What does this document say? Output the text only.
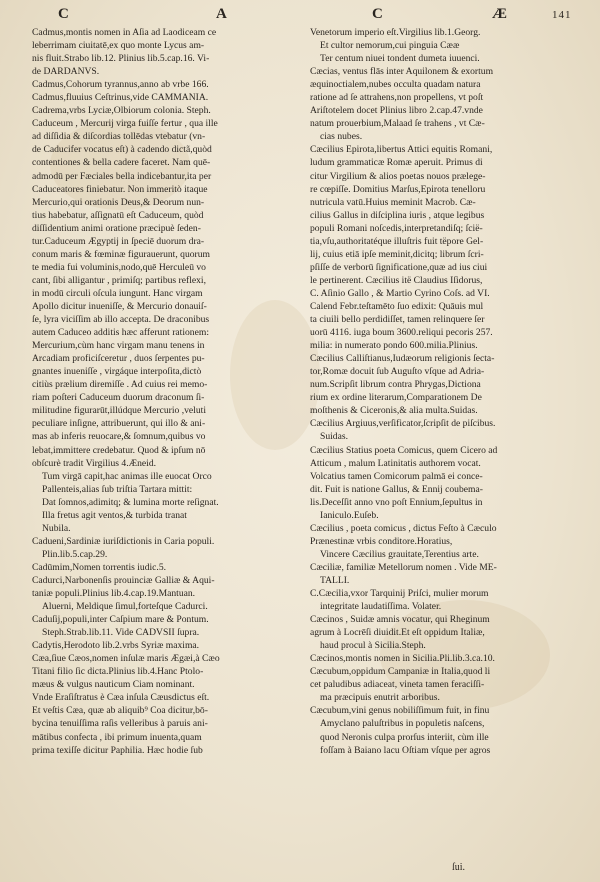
C	A	C	Æ	141
Cadmus,montis nomen in Aſia ad Laodiceam ce
leberrimam ciuitatē,ex quo monte Lycus am-
nis fluit.Strabo lib.12. Plinius lib.5.cap.16. Vi-
de DARDANVS.
Cadmus,Cohorum tyrannus,anno ab vrbe 166.
Cadmus,fluuius Ceſtrinus,vide CAMMANIA.
Cadrema,vrbs Lyciæ,Olbiorum colonia. Steph.
Caduceum , Mercurij virga fuiſſe fertur , qua ille
ad diſſidia & diſcordias tollēdas vtebatur (vn-
de Caducifer vocatus eſt) à cadendo dictã,quòd
contentiones & bella cadere faceret. Nam quē-
admodū per Fæciales bella indicebantur,ita per
Caduceatores finiebatur. Non immeritò itaque
Mercurio,qui orationis Deus,& Deorum nun-
tius habebatur, aſſignatū eſt Caduceum, quòd
diſſidentium animi oratione præcipuè ſeden-
tur.Caduceum Ægyptij in ſpeciē duorum dra-
conum maris & fœminæ figurauerunt, quorum
te media fui voluminis,nodo,quē Herculeū vo
cant, ſibi alligantur , primiſq; partibus reflexi,
in modū circuli oſcula iungunt. Hanc virgam
Apollo dicitur inueniſſe, & Mercurio donauiſ-
ſe, lyra viciſſim ab illo accepta. De draconibus
autem Caduceo additis hæc afferunt rationem:
Mercurium,cùm hanc virgam manu tenens in
Arcadiam proficiſceretur , duos ſerpentes pu-
gnantes inueniſſe , virgáque interpoſita,dictò
citiùs prælium diremiſſe . Ad cuius rei memo-
riam poſteri Caduceum duorum draconum ſi-
militudine figurarūt,illúdque Mercurio ,veluti
peculiare inſigne, attribuerunt, qui illo & ani-
mas ab inferis reuocare,& ſomnum,quibus vo
lebat,immittere credebatur. Quod & ipſum nō
obſcurè tradit Virgilius 4.Æneid.
Tum virgā capit,hac animas ille euocat Orco
Pallenteis,alias ſub triſtia Tartara mittit:
Dat ſomnos,adimitq; & lumina morte reſignat.
Illa fretus agit ventos,& turbida tranat
Nubila.
Cadueni,Sardiniæ iuriſdictionis in Caria populi.
Plin.lib.5.cap.29.
Cadūmim,Nomen torrentis iudic.5.
Cadurci,Narbonenſis prouinciæ Galliæ & Aqui-
taniæ populi.Plinius lib.4.cap.19.Mantuan.
Aluerni, Meldique ſimul,forteſque Cadurci.
Caduſij,populi,inter Caſpium mare & Pontum.
Steph.Strab.lib.11. Vide CADVSII ſupra.
Cadytis,Herodoto lib.2.vrbs Syriæ maxima.
Cæa,ſiue Cæos,nomen inſulæ maris Ægæi,à Cæo
Titani filio ſic dicta.Plinius lib.4.Hanc Ptolo-
mæus & vulgus nauticum Ciam nominant.
Vnde Eraſiſtratus è Cæa inſula Cæusdictus eſt.
Et veſtis Cæa, quæ ab aliquib⁹ Coa dicitur,bō-
bycina tenuiſſima raſis velleribus à paruis ani-
mātibus confecta , ibi primum inuenta,quam
prima texiſſe dicitur Paphilia. Hæc hodie ſub
Venetorum imperio eſt.Virgilius lib.1.Georg.
Et cultor nemorum,cui pinguia Cææ
Ter centum niuei tondent dumeta iuuenci.
Cæcias, ventus flās inter Aquilonem & exortum
æquinoctialem,nubes occulta quadam natura
ratione ad ſe attrahens,non propellens, vt poſt
Ariſtotelem docet Plinius libro 2.cap.47.vnde
natum prouerbium,Malaad ſe trahens , vt Cæ-
cias nubes.
Cæcilius Epirota,libertus Attici equitis Romani,
ludum grammaticæ Romæ aperuit. Primus di
citur Virgilium & alios poetas nouos prælege-
re cœpiſſe. Domitius Marſus,Epirota tenelloru
nutricula vatū.Huius meminit Macrob. Cæ-
cilius Gallus in diſciplina iuris , atque legibus
populi Romani noſcedis,interpretandiſq; ſcië-
tia,vſu,authoritatéque illuſtris fuit tëpore Gel-
lij, cuius etiā ipſe meminit,dicitq; librum ſcri-
pſiſſe de verborū ſignificatione,quæ ad ius ciui
le pertinerent. Cæcilius itë Claudius Iſidorus,
C. Aſinio Gallo , & Martio Cyrino Coſs. ad VI.
Calend Febr.teſtamēto ſuo edixit: Quāuis mul
ta ciuili bello perdidiſſet, tamen relinquere ſer
uorū 4116. iuga boum 3600.reliqui pecoris 257.
milia: in numerato pondo 600.milia.Plinius.
Cæcilius Calliſtianus,Iudæorum religionis ſecta-
tor,Romæ docuit ſub Auguſto vſque ad Adria-
num.Scripſit librum contra Phrygas,Dictiona
rium ex ordine literarum,Comparationem De
moſthenis & Ciceronis,& alia multa.Suidas.
Cæcilius Argiuus,verſificator,ſcripſit de piſcibus.
Suidas.
Cæcilius Statius poeta Comicus, quem Cicero ad
Atticum , malum Latinitatis authorem vocat.
Volcatius tamen Comicorum palmā ei conce-
dit. Fuit is natione Gallus, & Ennij coubema-
lis.Deceſſit anno vno poſt Ennium,ſepultus in
Ianiculo.Euſeb.
Cæcilius , poeta comicus , dictus Feſto à Cæculo
Prænestinæ vrbis conditore.Horatius,
Vincere Cæcilius grauitate,Terentius arte.
Cæciliæ, familiæ Metellorum nomen . Vide ME-
TALLI.
C.Cæcilia,vxor Tarquinij Priſci, mulier morum
integritate laudatiſſima. Volater.
Cæcinos , Suidæ amnis vocatur, qui Rheginum
agrum à Locrēſi diuidit.Et eſt oppidum Italiæ,
haud procul à Sicilia.Steph.
Cæcinos,montis nomen in Sicilia.Pli.lib.3.ca.10.
Cæcubum,oppidum Campaniæ in Italia,quod li
cet paludibus adiaceat, vineta tamen feraciſſi-
ma præcipuis enutrit arboribus.
Cæcubum,vini genus nobiliſſimum fuit, in finu
Amyclano paluſtribus in populetis naſcens,
quod Neronis culpa prorſus interiit, cùm ille
foſſam à Baiano lacu Oſtiam vſque per agros
ſui.
